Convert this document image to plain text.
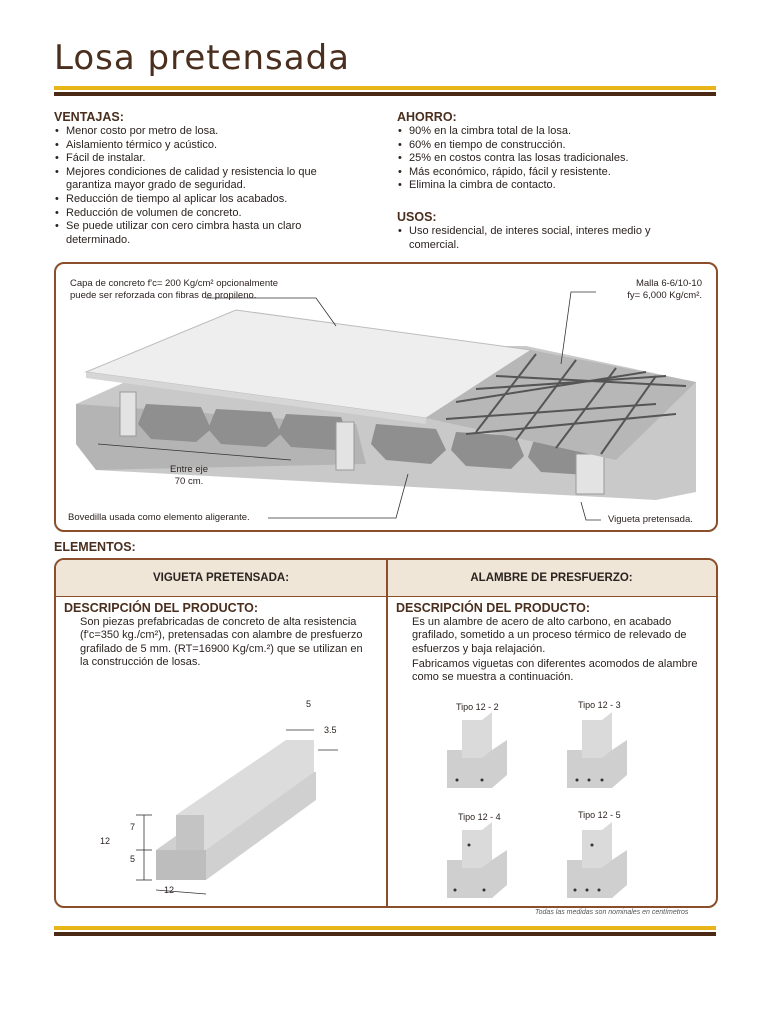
Losa pretensada
VENTAJAS:
• Menor costo por metro de losa.
• Aislamiento térmico y acústico.
• Fácil de instalar.
• Mejores condiciones de calidad y resistencia lo que garantiza mayor grado de seguridad.
• Reducción de tiempo al aplicar los acabados.
• Reducción de volumen de concreto.
• Se puede utilizar con cero cimbra hasta un claro determinado.
AHORRO:
• 90% en la cimbra total de la losa.
• 60% en tiempo de construcción.
• 25% en costos contra las losas tradicionales.
• Más económico, rápido, fácil y resistente.
• Elimina la cimbra de contacto.
USOS:
• Uso residencial, de interes social, interes medio y comercial.
Capa de concreto f'c= 200 Kg/cm² opcionalmente
puede ser reforzada con fibras de propileno.
Malla 6-6/10-10
fy= 6,000 Kg/cm².
Entre eje
70 cm.
Bovedilla usada como elemento aligerante.	Vigueta pretensada.
ELEMENTOS:
VIGUETA PRETENSADA:	ALAMBRE DE PRESFUERZO:
DESCRIPCIÓN DEL PRODUCTO:

Son piezas prefabricadas de concreto de alta resistencia (f'c=350 kg./cm²), pretensadas con alambre de presfuerzo grafilado de 5 mm. (RT=16900 Kg/cm.²) que se utilizan en la construcción de losas.

5
3.5
12
7
5
12
DESCRIPCIÓN DEL PRODUCTO:

Es un alambre de acero de alto carbono, en acabado grafilado, sometido a un proceso térmico de relevado de esfuerzos y baja relajación.

Fabricamos viguetas con diferentes acomodos de alambre como se muestra a continuación.

Tipo 12 - 2	Tipo 12 - 3
Tipo 12 - 4	Tipo 12 - 5
Todas las medidas son nominales en centímetros
